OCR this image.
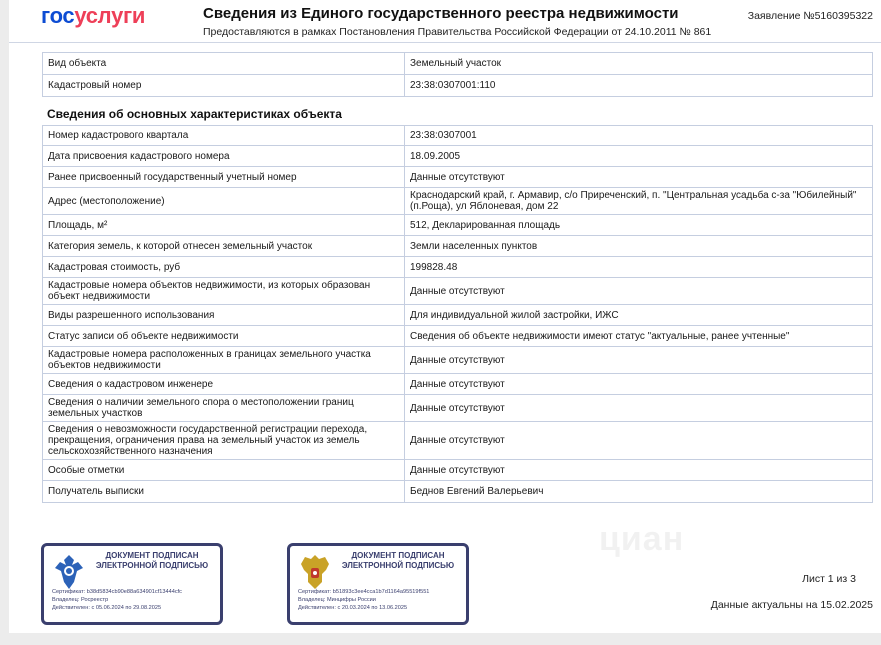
госуслуги	Сведения из Единого государственного реестра недвижимости
Предоставляются в рамках Постановления Правительства Российской Федерации от 24.10.2011 № 861
Заявление №5160395322
Вид объекта	Земельный участок
Кадастровый номер	23:38:0307001:110
Сведения об основных характеристиках объекта
Номер кадастрового квартала	23:38:0307001
Дата присвоения кадастрового номера	18.09.2005
Ранее присвоенный государственный учетный номер	Данные отсутствуют
Адрес (местоположение)	Краснодарский край, г. Армавир, с/о Приреченский, п. "Центральная усадьба с-за "Юбилейный" (п.Роща), ул Яблоневая, дом 22
Площадь, м²	512, Декларированная площадь
Категория земель, к которой отнесен земельный участок	Земли населенных пунктов
Кадастровая стоимость, руб	199828.48
Кадастровые номера объектов недвижимости, из которых образован объект недвижимости	Данные отсутствуют
Виды разрешенного использования	Для индивидуальной жилой застройки, ИЖС
Статус записи об объекте недвижимости	Сведения об объекте недвижимости имеют статус "актуальные, ранее учтенные"
Кадастровые номера расположенных в границах земельного участка объектов недвижимости	Данные отсутствуют
Сведения о кадастровом инженере	Данные отсутствуют
Сведения о наличии земельного спора о местоположении границ земельных участков	Данные отсутствуют
Сведения о невозможности государственной регистрации перехода, прекращения, ограничения права на земельный участок из земель сельскохозяйственного назначения	Данные отсутствуют
Особые отметки	Данные отсутствуют
Получатель выписки	Беднов Евгений Валерьевич
циан
ДОКУМЕНТ ПОДПИСАН ЭЛЕКТРОННОЙ ПОДПИСЬЮ
Сертификат: b38d5834cb90e88a634901cf13444cfc
Владелец: Росреестр
Действителен: с 05.06.2024 по 29.08.2025
ДОКУМЕНТ ПОДПИСАН ЭЛЕКТРОННОЙ ПОДПИСЬЮ
Сертификат: b51893c3ee4cca1b7d1164a95519f551
Владелец: Минцифры России
Действителен: с 20.03.2024 по 13.06.2025
Лист 1 из 3
Данные актуальны на 15.02.2025
